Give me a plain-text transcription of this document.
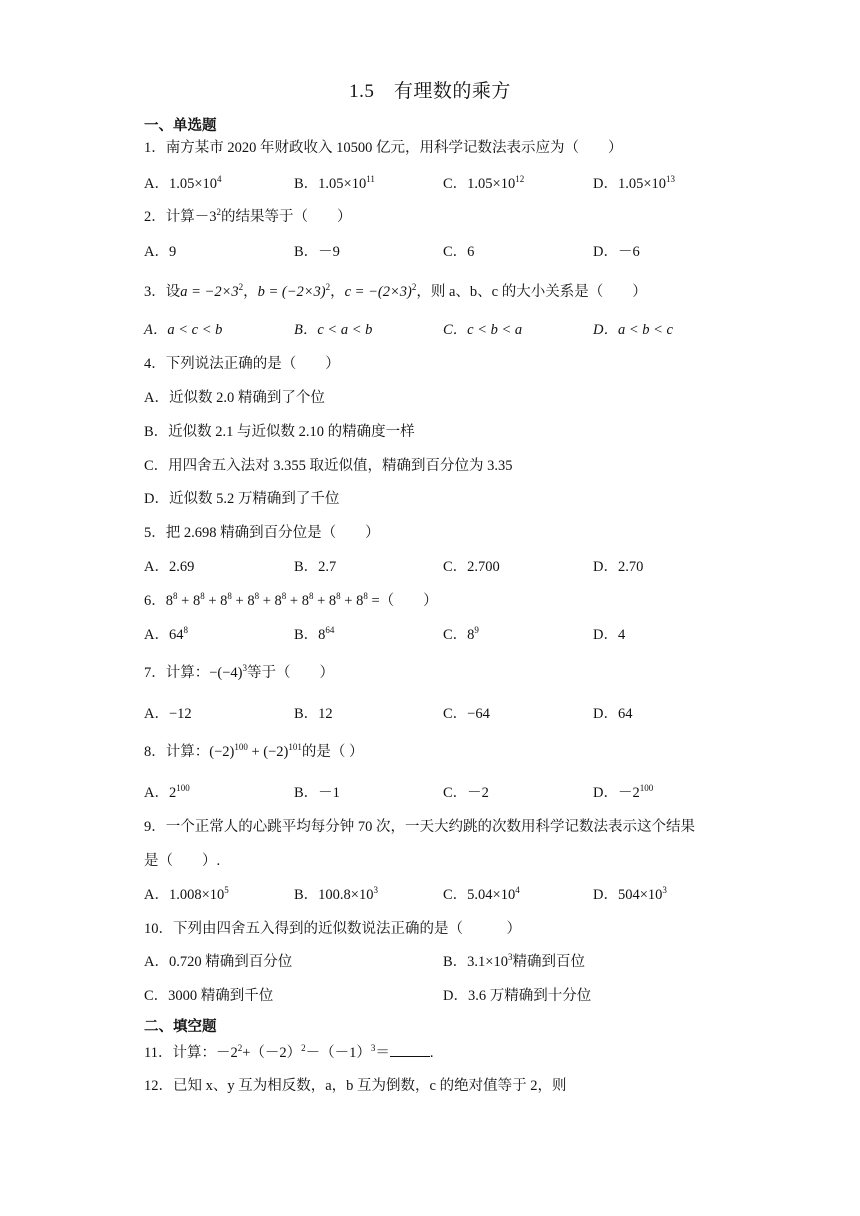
1.5　有理数的乘方
一、单选题
1．南方某市 2020 年财政收入 10500 亿元，用科学记数法表示应为（　　）
A．$1.05\times 10^4$	B．$1.05\times 10^{11}$	C．$1.05\times 10^{12}$	D．$1.05\times 10^{13}$
2．计算$-3^2$的结果等于（　　）
A．9	B．－9	C．6	D．－6
3．设$a = -2\times 3^2$，$b = (-2\times 3)^2$，$c = -(2\times 3)^2$，则 a、b、c 的大小关系是（　　）
A．a < c < b	B．c < a < b	C．c < b < a	D．a < b < c
4．下列说法正确的是（　　）
A．近似数 2.0 精确到了个位
B．近似数 2.1 与近似数 2.10 的精确度一样
C．用四舍五入法对 3.355 取近似值，精确到百分位为 3.35
D．近似数 5.2 万精确到了千位
5．把 2.698 精确到百分位是（　　）
A．2.69	B．2.7	C．2.700	D．2.70
6．$8^8 + 8^8 + 8^8 + 8^8 + 8^8 + 8^8 + 8^8 + 8^8$ =（　　）
A．$64^8$	B．$8^{64}$	C．$8^9$	D．4
7．计算：$-(-4)^3$等于（　　）
A．−12	B．12	C．−64	D．64
8．计算：$(-2)^{100} + (-2)^{101}$的是（ ）
A．$2^{100}$	B．－1	C．－2	D．$-2^{100}$
9．一个正常人的心跳平均每分钟 70 次，一天大约跳的次数用科学记数法表示这个结果
是（　　）.
A．$1.008\times 10^5$	B．$100.8\times 10^3$	C．$5.04\times 10^4$	D．$504\times 10^3$
10．下列由四舍五入得到的近似数说法正确的是（　　　）
A．0.720 精确到百分位	B．$3.1\times 10^3$精确到百位
C．3000 精确到千位	D．3.6 万精确到十分位
二、填空题
11．计算：$-2^2+(-2)^2-(-1)^3=$	.
12．已知 x、y 互为相反数，a，b 互为倒数，c 的绝对值等于 2，则
